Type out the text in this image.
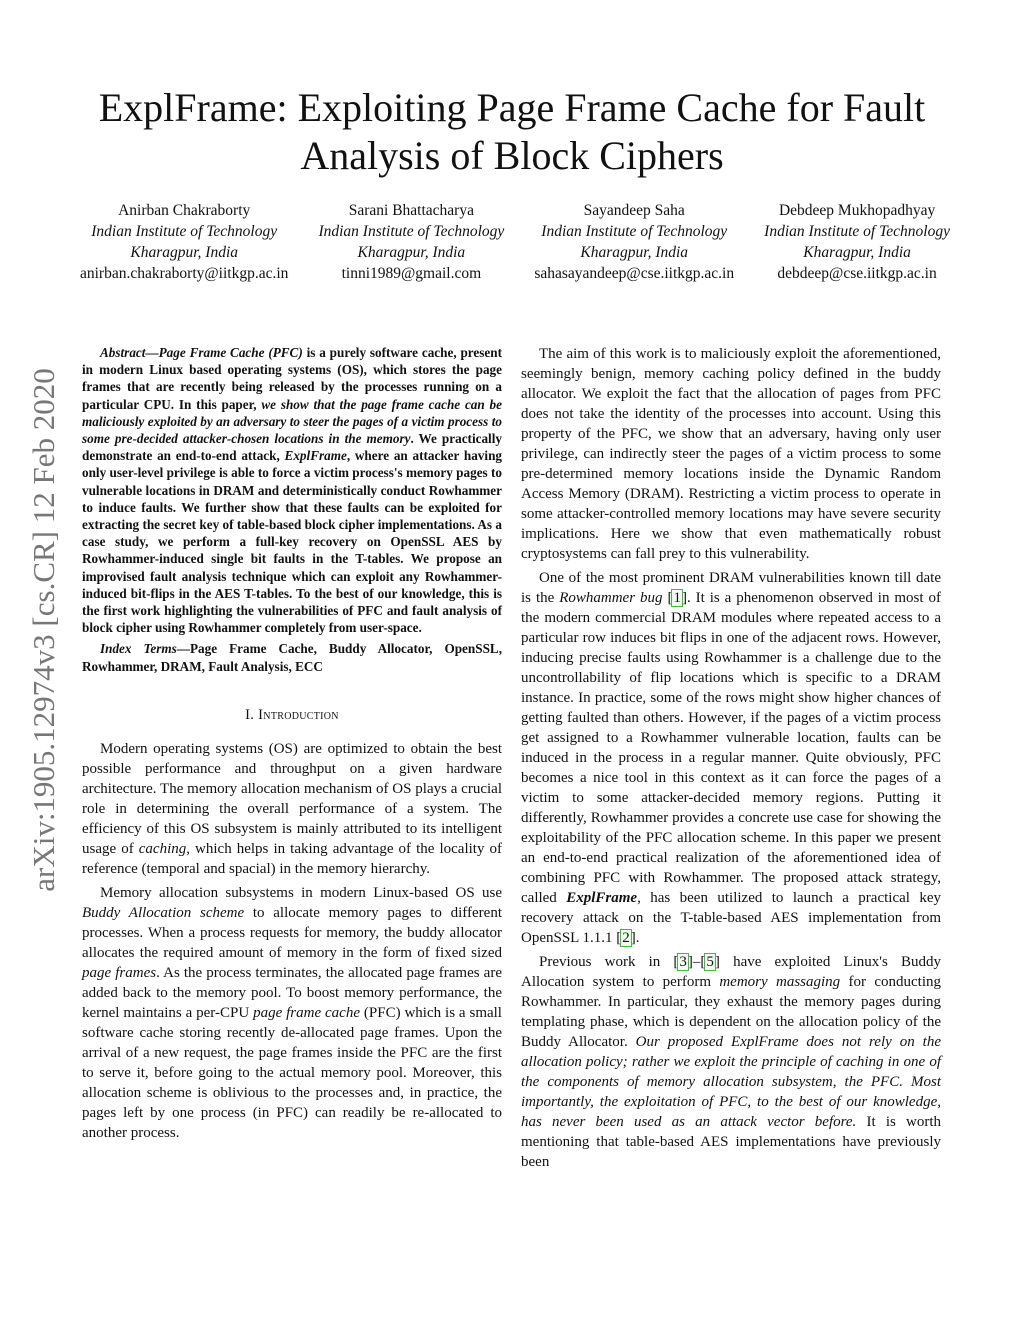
arXiv:1905.12974v3 [cs.CR] 12 Feb 2020
ExplFrame: Exploiting Page Frame Cache for Fault Analysis of Block Ciphers
Anirban Chakraborty
Indian Institute of Technology
Kharagpur, India
anirban.chakraborty@iitkgp.ac.in
Sarani Bhattacharya
Indian Institute of Technology
Kharagpur, India
tinni1989@gmail.com
Sayandeep Saha
Indian Institute of Technology
Kharagpur, India
sahasayandeep@cse.iitkgp.ac.in
Debdeep Mukhopadhyay
Indian Institute of Technology
Kharagpur, India
debdeep@cse.iitkgp.ac.in

Abstract—Page Frame Cache (PFC) is a purely software cache, present in modern Linux based operating systems (OS), which stores the page frames that are recently being released by the processes running on a particular CPU. In this paper, we show that the page frame cache can be maliciously exploited by an adversary to steer the pages of a victim process to some pre-decided attacker-chosen locations in the memory. We practically demonstrate an end-to-end attack, ExplFrame, where an attacker having only user-level privilege is able to force a victim process's memory pages to vulnerable locations in DRAM and deterministically conduct Rowhammer to induce faults. We further show that these faults can be exploited for extracting the secret key of table-based block cipher implementations. As a case study, we perform a full-key recovery on OpenSSL AES by Rowhammer-induced single bit faults in the T-tables. We propose an improvised fault analysis technique which can exploit any Rowhammer-induced bit-flips in the AES T-tables. To the best of our knowledge, this is the first work highlighting the vulnerabilities of PFC and fault analysis of block cipher using Rowhammer completely from user-space.

Index Terms—Page Frame Cache, Buddy Allocator, OpenSSL, Rowhammer, DRAM, Fault Analysis, ECC

I. Introduction

Modern operating systems (OS) are optimized to obtain the best possible performance and throughput on a given hardware architecture. The memory allocation mechanism of OS plays a crucial role in determining the overall performance of a system. The efficiency of this OS subsystem is mainly attributed to its intelligent usage of caching, which helps in taking advantage of the locality of reference (temporal and spacial) in the memory hierarchy.

Memory allocation subsystems in modern Linux-based OS use Buddy Allocation scheme to allocate memory pages to different processes. When a process requests for memory, the buddy allocator allocates the required amount of memory in the form of fixed sized page frames. As the process terminates, the allocated page frames are added back to the memory pool. To boost memory performance, the kernel maintains a per-CPU page frame cache (PFC) which is a small software cache storing recently de-allocated page frames. Upon the arrival of a new request, the page frames inside the PFC are the first to serve it, before going to the actual memory pool. Moreover, this allocation scheme is oblivious to the processes and, in practice, the pages left by one process (in PFC) can readily be re-allocated to another process.

The aim of this work is to maliciously exploit the aforementioned, seemingly benign, memory caching policy defined in the buddy allocator. We exploit the fact that the allocation of pages from PFC does not take the identity of the processes into account. Using this property of the PFC, we show that an adversary, having only user privilege, can indirectly steer the pages of a victim process to some pre-determined memory locations inside the Dynamic Random Access Memory (DRAM). Restricting a victim process to operate in some attacker-controlled memory locations may have severe security implications. Here we show that even mathematically robust cryptosystems can fall prey to this vulnerability.

One of the most prominent DRAM vulnerabilities known till date is the Rowhammer bug [1]. It is a phenomenon observed in most of the modern commercial DRAM modules where repeated access to a particular row induces bit flips in one of the adjacent rows. However, inducing precise faults using Rowhammer is a challenge due to the uncontrollability of flip locations which is specific to a DRAM instance. In practice, some of the rows might show higher chances of getting faulted than others. However, if the pages of a victim process get assigned to a Rowhammer vulnerable location, faults can be induced in the process in a regular manner. Quite obviously, PFC becomes a nice tool in this context as it can force the pages of a victim to some attacker-decided memory regions. Putting it differently, Rowhammer provides a concrete use case for showing the exploitability of the PFC allocation scheme. In this paper we present an end-to-end practical realization of the aforementioned idea of combining PFC with Rowhammer. The proposed attack strategy, called ExplFrame, has been utilized to launch a practical key recovery attack on the T-table-based AES implementation from OpenSSL 1.1.1 [2].

Previous work in [3]–[5] have exploited Linux's Buddy Allocation system to perform memory massaging for conducting Rowhammer. In particular, they exhaust the memory pages during templating phase, which is dependent on the allocation policy of the Buddy Allocator. Our proposed ExplFrame does not rely on the allocation policy; rather we exploit the principle of caching in one of the components of memory allocation subsystem, the PFC. Most importantly, the exploitation of PFC, to the best of our knowledge, has never been used as an attack vector before. It is worth mentioning that table-based AES implementations have previously been
